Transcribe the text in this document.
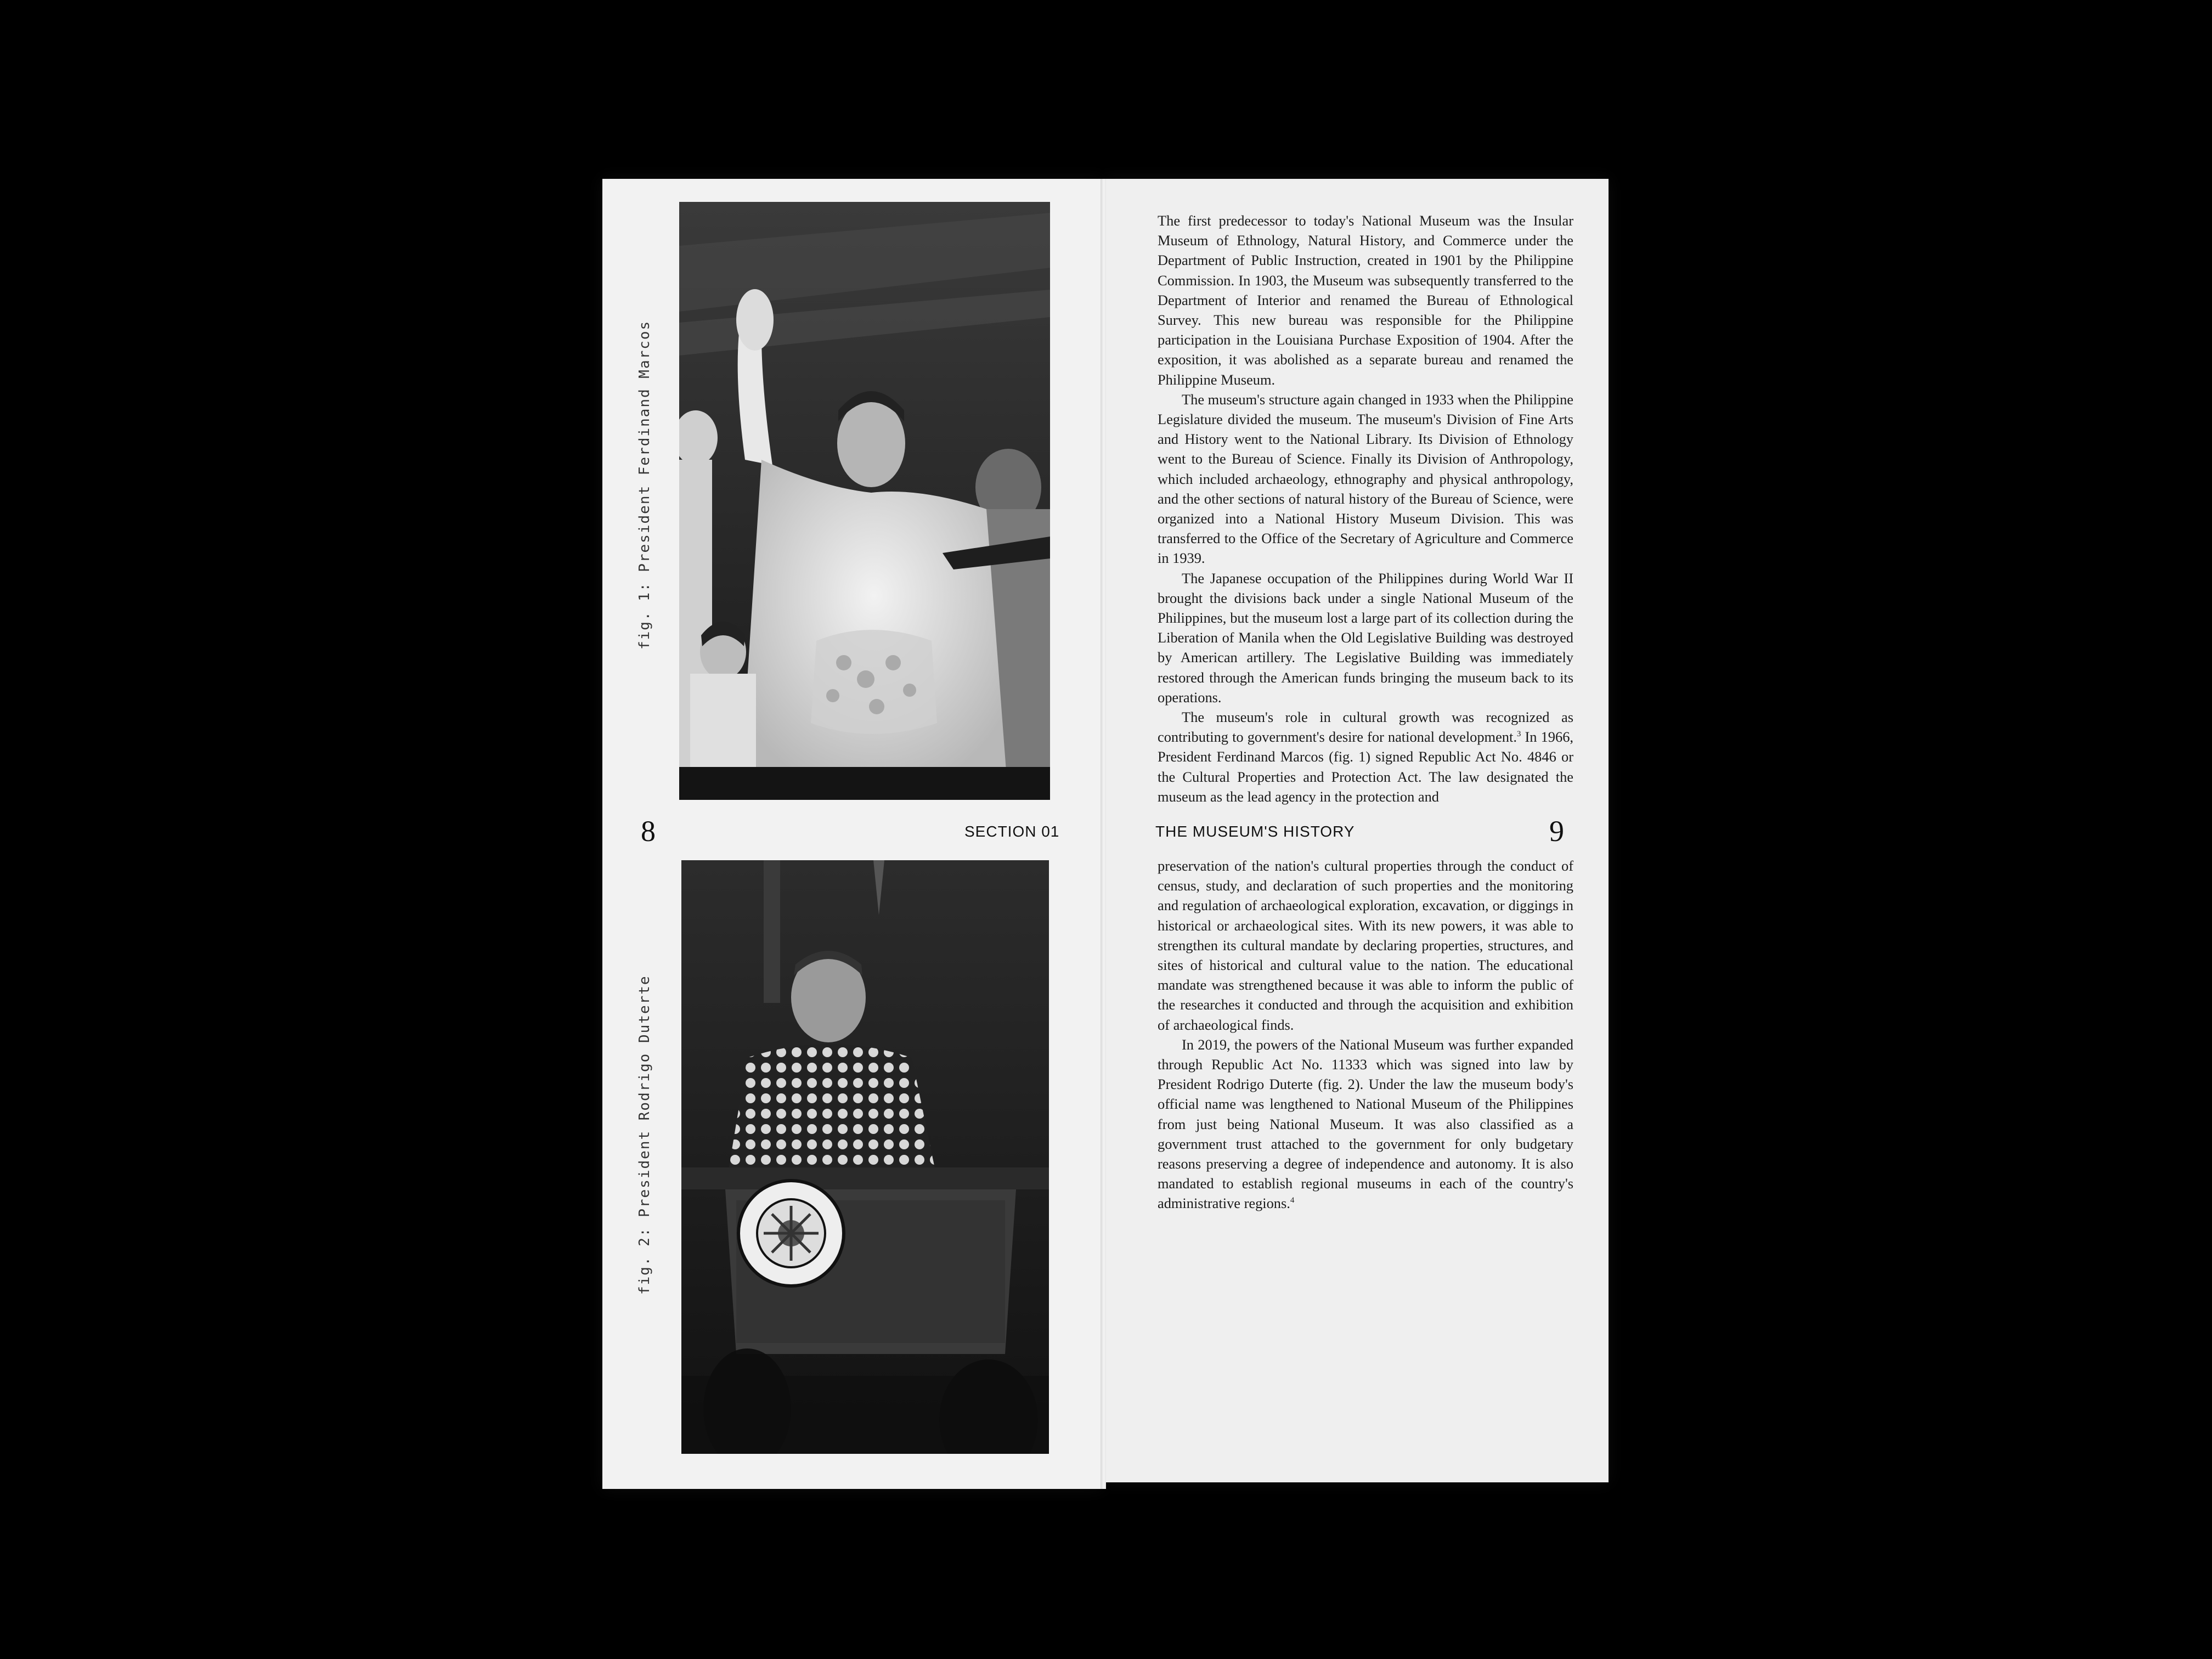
fig. 1: President Ferdinand Marcos
fig. 2: President Rodrigo Duterte
8	SECTION 01	THE MUSEUM'S HISTORY	9

The first predecessor to today's National Museum was the Insular Museum of Ethnology, Natural History, and Commerce under the Department of Public Instruction, created in 1901 by the Philippine Commission. In 1903, the Museum was subsequently transferred to the Department of Interior and renamed the Bureau of Ethnological Survey. This new bureau was responsible for the Philippine participation in the Louisiana Purchase Exposition of 1904. After the exposition, it was abolished as a separate bureau and renamed the Philippine Museum.

The museum's structure again changed in 1933 when the Philippine Legislature divided the museum. The museum's Division of Fine Arts and History went to the National Library. Its Division of Ethnology went to the Bureau of Science. Finally its Division of Anthropology, which included archaeology, ethnography and physical anthropology, and the other sections of natural history of the Bureau of Science, were organized into a National History Museum Division. This was transferred to the Office of the Secretary of Agriculture and Commerce in 1939.

The Japanese occupation of the Philippines during World War II brought the divisions back under a single National Museum of the Philippines, but the museum lost a large part of its collection during the Liberation of Manila when the Old Legislative Building was destroyed by American artillery. The Legislative Building was immediately restored through the American funds bringing the museum back to its operations.

The museum's role in cultural growth was recognized as contributing to government's desire for national development.$^3$ In 1966, President Ferdinand Marcos (fig. 1) signed Republic Act No. 4846 or the Cultural Properties and Protection Act. The law designated the museum as the lead agency in the protection and

preservation of the nation's cultural properties through the conduct of census, study, and declaration of such properties and the monitoring and regulation of archaeological exploration, excavation, or diggings in historical or archaeological sites. With its new powers, it was able to strengthen its cultural mandate by declaring properties, structures, and sites of historical and cultural value to the nation. The educational mandate was strengthened because it was able to inform the public of the researches it conducted and through the acquisition and exhibition of archaeological finds.

In 2019, the powers of the National Museum was further expanded through Republic Act No. 11333 which was signed into law by President Rodrigo Duterte (fig. 2). Under the law the museum body's official name was lengthened to National Museum of the Philippines from just being National Museum. It was also classified as a government trust attached to the government for only budgetary reasons preserving a degree of independence and autonomy. It is also mandated to establish regional museums in each of the country's administrative regions.$^4$
